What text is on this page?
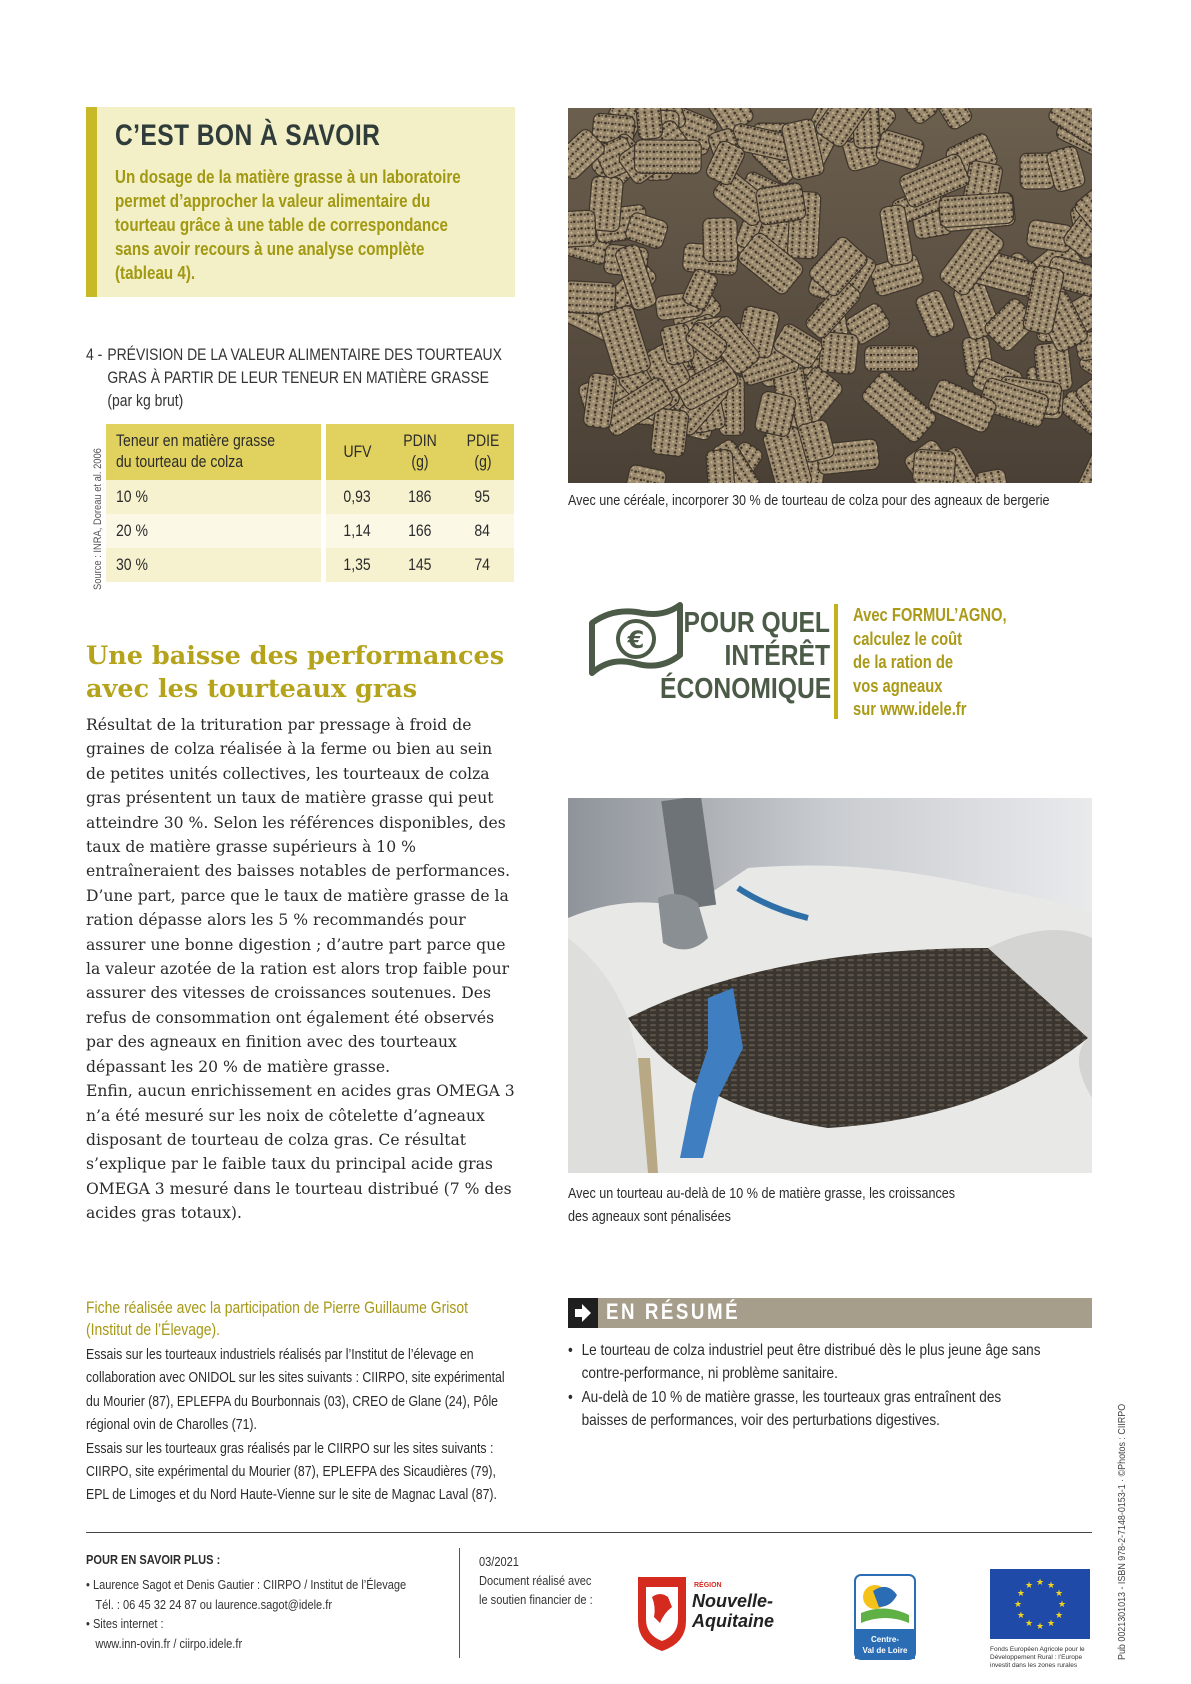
C’EST BON À SAVOIR

Un dosage de la matière grasse à un laboratoire permet d’approcher la valeur alimentaire du tourteau grâce à une table de correspondance sans avoir recours à une analyse complète (tableau 4).

4 - PRÉVISION DE LA VALEUR ALIMENTAIRE DES TOURTEAUX
GRAS À PARTIR DE LEUR TENEUR EN MATIÈRE GRASSE
(par kg brut)
Source : INRA, Doreau et al. 2006
Teneur en matière grasse du tourteau de colza		UFV	PDIN (g)	PDIE (g)
10 %		0,93	186	95
20 %		1,14	166	84
30 %		1,35	145	74
Une baisse des performances avec les tourteaux gras

Résultat de la trituration par pressage à froid de graines de colza réalisée à la ferme ou bien au sein de petites unités collectives, les tourteaux de colza gras présentent un taux de matière grasse qui peut atteindre 30 %. Selon les références disponibles, des taux de matière grasse supérieurs à 10 % entraîneraient des baisses notables de performances. D’une part, parce que le taux de matière grasse de la ration dépasse alors les 5 % recommandés pour assurer une bonne digestion ; d’autre part parce que la valeur azotée de la ration est alors trop faible pour assurer des vitesses de croissances soutenues. Des refus de consommation ont également été observés par des agneaux en finition avec des tourteaux dépassant les 20 % de matière grasse.

Enfin, aucun enrichissement en acides gras OMEGA 3 n’a été mesuré sur les noix de côtelette d’agneaux disposant de tourteau de colza gras. Ce résultat s’explique par le faible taux du principal acide gras OMEGA 3 mesuré dans le tourteau distribué (7 % des acides gras totaux).

Avec une céréale, incorporer 30 % de tourteau de colza pour des agneaux de bergerie
€
POUR QUEL
INTÉRÊT
ÉCONOMIQUE
Avec FORMUL’AGNO,
calculez le coût
de la ration de
vos agneaux
sur www.idele.fr
Avec un tourteau au-delà de 10 % de matière grasse, les croissances
des agneaux sont pénalisées
Fiche réalisée avec la participation de Pierre Guillaume Grisot (Institut de l’Élevage).

Essais sur les tourteaux industriels réalisés par l’Institut de l’élevage en collaboration avec ONIDOL sur les sites suivants : CIIRPO, site expérimental du Mourier (87), EPLEFPA du Bourbonnais (03), CREO de Glane (24), Pôle régional ovin de Charolles (71).

Essais sur les tourteaux gras réalisés par le CIIRPO sur les sites suivants : CIIRPO, site expérimental du Mourier (87), EPLEFPA des Sicaudières (79), EPL de Limoges et du Nord Haute-Vienne sur le site de Magnac Laval (87).

EN RÉSUMÉ
• Le tourteau de colza industriel peut être distribué dès le plus jeune âge sans contre-performance, ni problème sanitaire.
• Au-delà de 10 % de matière grasse, les tourteaux gras entraînent des baisses de performances, voir des perturbations digestives.
POUR EN SAVOIR PLUS :
• Laurence Sagot et Denis Gautier : CIIRPO / Institut de l’Élevage
Tél. : 06 45 32 24 87 ou laurence.sagot@idele.fr
• Sites internet :
www.inn-ovin.fr / ciirpo.idele.fr
03/2021
Document réalisé avec
le soutien financier de :
RÉGION
Nouvelle-
Aquitaine
Centre-
Val de Loire
★
★
★
★
★
★
★
★
★ ★ ★
★
Fonds Européen Agricole pour le Développement Rural : l’Europe investit dans les zones rurales
Pub 0021301013 - ISBN 978-2-7148-0153-1 · ©Photos : CIIRPO
